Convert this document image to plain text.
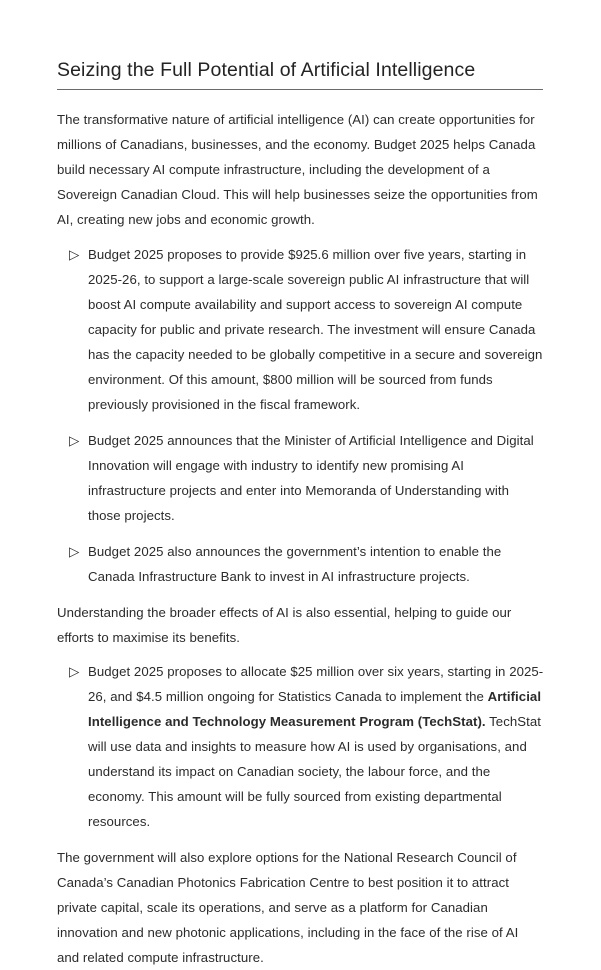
Seizing the Full Potential of Artificial Intelligence

The transformative nature of artificial intelligence (AI) can create opportunities for millions of Canadians, businesses, and the economy. Budget 2025 helps Canada build necessary AI compute infrastructure, including the development of a Sovereign Canadian Cloud. This will help businesses seize the opportunities from AI, creating new jobs and economic growth.

▷ Budget 2025 proposes to provide $925.6 million over five years, starting in 2025-26, to support a large-scale sovereign public AI infrastructure that will boost AI compute availability and support access to sovereign AI compute capacity for public and private research. The investment will ensure Canada has the capacity needed to be globally competitive in a secure and sovereign environment. Of this amount, $800 million will be sourced from funds previously provisioned in the fiscal framework.
▷ Budget 2025 announces that the Minister of Artificial Intelligence and Digital Innovation will engage with industry to identify new promising AI infrastructure projects and enter into Memoranda of Understanding with those projects.
▷ Budget 2025 also announces the government’s intention to enable the Canada Infrastructure Bank to invest in AI infrastructure projects.

Understanding the broader effects of AI is also essential, helping to guide our efforts to maximise its benefits.

▷ Budget 2025 proposes to allocate $25 million over six years, starting in 2025-26, and $4.5 million ongoing for Statistics Canada to implement the Artificial Intelligence and Technology Measurement Program (TechStat). TechStat will use data and insights to measure how AI is used by organisations, and understand its impact on Canadian society, the labour force, and the economy. This amount will be fully sourced from existing departmental resources.

The government will also explore options for the National Research Council of Canada’s Canadian Photonics Fabrication Centre to best position it to attract private capital, scale its operations, and serve as a platform for Canadian innovation and new photonic applications, including in the face of the rise of AI and related compute infrastructure.
